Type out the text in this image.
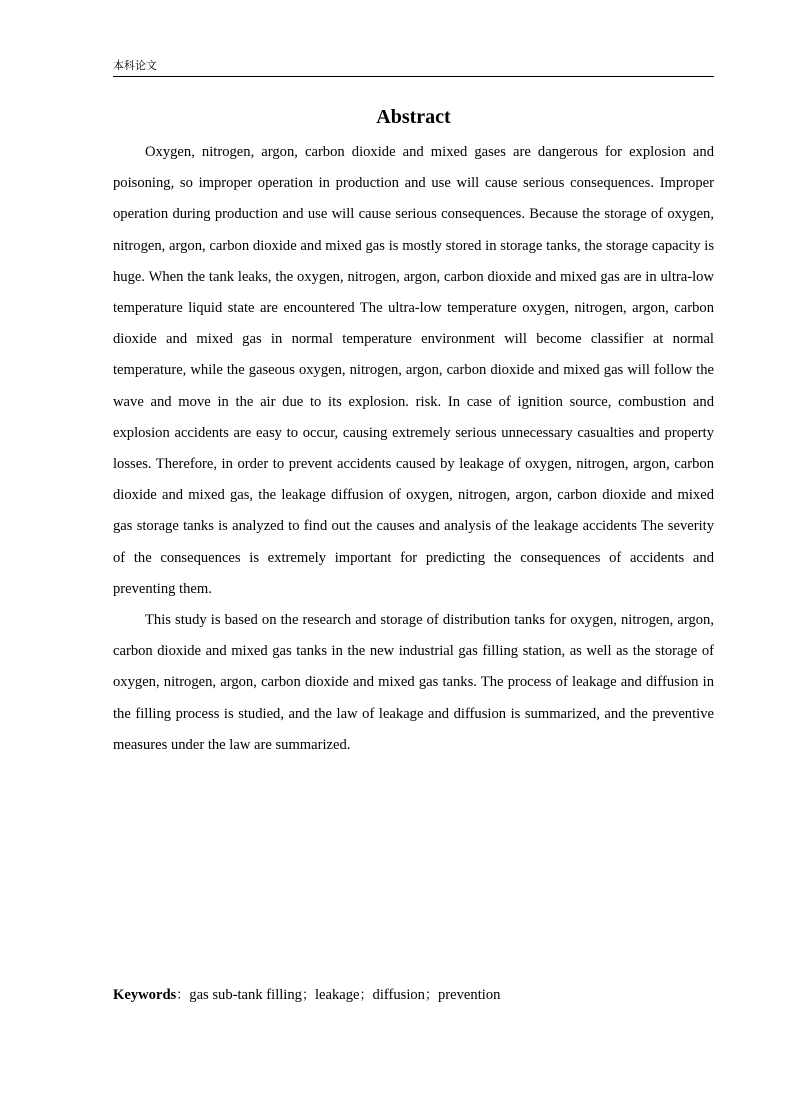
本科论文
Abstract

Oxygen, nitrogen, argon, carbon dioxide and mixed gases are dangerous for explosion and poisoning, so improper operation in production and use will cause serious consequences. Improper operation during production and use will cause serious consequences. Because the storage of oxygen, nitrogen, argon, carbon dioxide and mixed gas is mostly stored in storage tanks, the storage capacity is huge. When the tank leaks, the oxygen, nitrogen, argon, carbon dioxide and mixed gas are in ultra-low temperature liquid state are encountered The ultra-low temperature oxygen, nitrogen, argon, carbon dioxide and mixed gas in normal temperature environment will become classifier at normal temperature, while the gaseous oxygen, nitrogen, argon, carbon dioxide and mixed gas will follow the wave and move in the air due to its explosion. risk. In case of ignition source, combustion and explosion accidents are easy to occur, causing extremely serious unnecessary casualties and property losses. Therefore, in order to prevent accidents caused by leakage of oxygen, nitrogen, argon, carbon dioxide and mixed gas, the leakage diffusion of oxygen, nitrogen, argon, carbon dioxide and mixed gas storage tanks is analyzed to find out the causes and analysis of the leakage accidents The severity of the consequences is extremely important for predicting the consequences of accidents and preventing them.

This study is based on the research and storage of distribution tanks for oxygen, nitrogen, argon, carbon dioxide and mixed gas tanks in the new industrial gas filling station, as well as the storage of oxygen, nitrogen, argon, carbon dioxide and mixed gas tanks. The process of leakage and diffusion in the filling process is studied, and the law of leakage and diffusion is summarized, and the preventive measures under the law are summarized.

Keywords：gas sub-tank filling；leakage；diffusion；prevention
